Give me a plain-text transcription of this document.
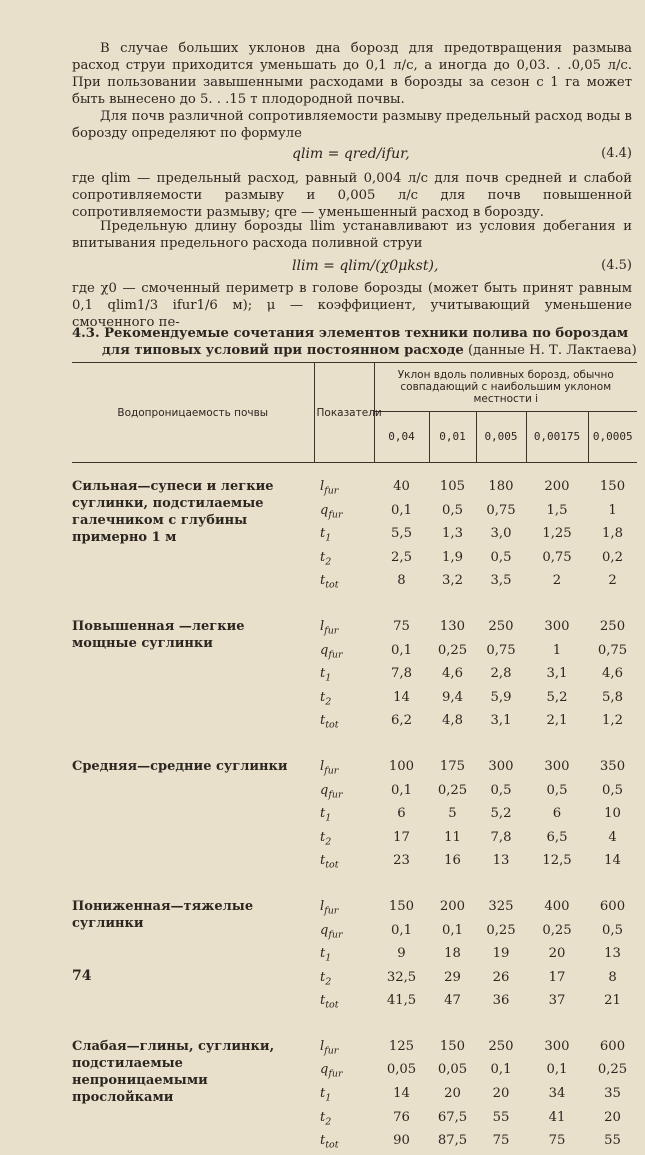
В случае больших уклонов дна борозд для предотвращения размыва расход струи приходится уменьшать до 0,1 л/с, а иногда до 0,03. . .0,05 л/с. При пользовании завышенными расходами в борозды за сезон с 1 га может быть вынесено до 5. . .15 т плодородной почвы.

Для почв различной сопротивляемости размыву предельный расход воды в борозду определяют по формуле

qlim = qred/ifur,	(4.4)

где qlim — предельный расход, равный 0,004 л/с для почв средней и слабой сопротивляемости размыву и 0,005 л/с для почв повышенной сопротивляемости размыву; qre — уменьшенный расход в борозду.

Предельную длину борозды llim устанавливают из условия добегания и впитывания предельного расхода поливной струи

llim = qlim/(χ0μkst),	(4.5)

где χ0 — смоченный периметр в голове борозды (может быть принят равным 0,1 qlim1/3 ifur1/6 м); μ — коэффициент, учитывающий уменьшение смоченного пе-

4.3. Рекомендуемые сочетания элементов техники полива по бороздам
для типовых условий при постоянном расходе (данные Н. Т. Лактаева)
Водопроницаемость почвы	Показатели	Уклон вдоль поливных борозд, обычно совпадающий с наибольшим уклоном местности i				
		0,04	0,01	0,005	0,00175	0,0005

Сильная—супеси и легкие суглинки, подстилаемые галечником с глубины примерно 1 м	$l_{fur}$	40	105	180	200	150
	$q_{fur}$	0,1	0,5	0,75	1,5	1
	$t_1$	5,5	1,3	3,0	1,25	1,8
	$t_2$	2,5	1,9	0,5	0,75	0,2
	$t_{tot}$	8	3,2	3,5	2	2

Повышенная —легкие мощные суглинки	$l_{fur}$	75	130	250	300	250
	$q_{fur}$	0,1	0,25	0,75	1	0,75
	$t_1$	7,8	4,6	2,8	3,1	4,6
	$t_2$	14	9,4	5,9	5,2	5,8
	$t_{tot}$	6,2	4,8	3,1	2,1	1,2

Средняя—средние суглинки	$l_{fur}$	100	175	300	300	350
	$q_{fur}$	0,1	0,25	0,5	0,5	0,5
	$t_1$	6	5	5,2	6	10
	$t_2$	17	11	7,8	6,5	4
	$t_{tot}$	23	16	13	12,5	14

Пониженная—тяжелые суглинки	$l_{fur}$	150	200	325	400	600
	$q_{fur}$	0,1	0,1	0,25	0,25	0,5
	$t_1$	9	18	19	20	13
	$t_2$	32,5	29	26	17	8
	$t_{tot}$	41,5	47	36	37	21

Слабая—глины, суглинки, подстилаемые непроницаемыми прослойками	$l_{fur}$	125	150	250	300	600
	$q_{fur}$	0,05	0,05	0,1	0,1	0,25
	$t_1$	14	20	20	34	35
	$t_2$	76	67,5	55	41	20
	$t_{tot}$	90	87,5	75	75	55
74
